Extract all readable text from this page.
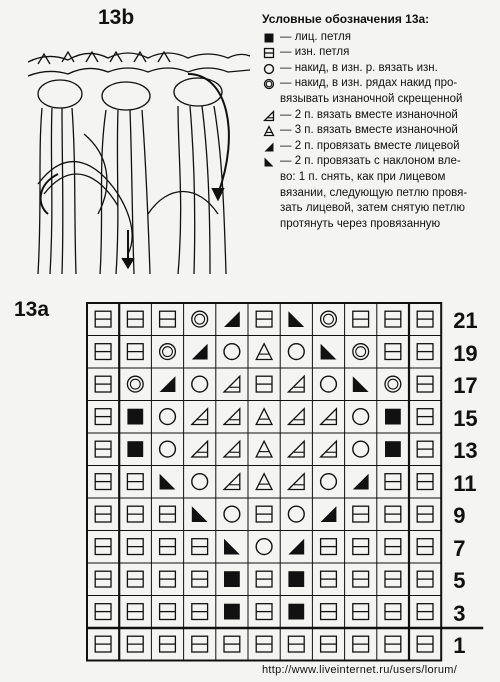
13b	Условные обозначения 13а:
— лиц. петля
— изн. петля
— накид, в изн. р. вязать изн.
— накид, в изн. рядах накид про-
вязывать изнаночной скрещенной
— 2 п. вязать вместе изнаночной
— 3 п. вязать вместе изнаночной
— 2 п. провязать вместе лицевой
— 2 п. провязать с наклоном вле-
во: 1 п. снять, как при лицевом
вязании, следующую петлю провя-
зать лицевой, затем снятую петлю
протянуть через провязанную
13a	21
19
17
15
13
11
9
7
5
3
1
http://www.liveinternet.ru/users/lorum/
